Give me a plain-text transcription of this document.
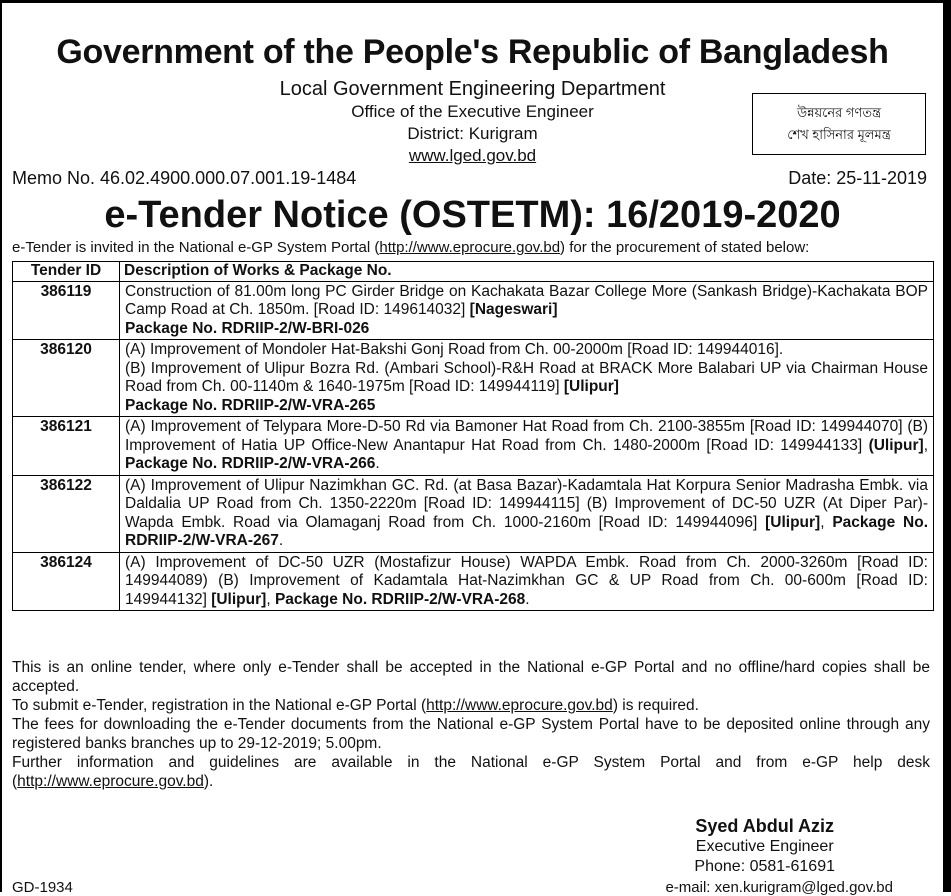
Government of the People's Republic of Bangladesh
Local Government Engineering Department
Office of the Executive Engineer
District: Kurigram
www.lged.gov.bd
উন্নয়নের গণতন্ত্র
শেখ হাসিনার মূলমন্ত্র
Memo No. 46.02.4900.000.07.001.19-1484	Date: 25-11-2019
e-Tender Notice (OSTETM): 16/2019-2020
e-Tender is invited in the National e-GP System Portal (http://www.eprocure.gov.bd) for the procurement of stated below:
Tender ID	Description of Works & Package No.
386119	Construction of 81.00m long PC Girder Bridge on Kachakata Bazar College More (Sankash Bridge)-Kachakata BOP Camp Road at Ch. 1850m. [Road ID: 149614032] [Nageswari]
Package No. RDRIIP-2/W-BRI-026
386120	(A) Improvement of Mondoler Hat-Bakshi Gonj Road from Ch. 00-2000m [Road ID: 149944016].
(B) Improvement of Ulipur Bozra Rd. (Ambari School)-R&H Road at BRACK More Balabari UP via Chairman House Road from Ch. 00-1140m & 1640-1975m [Road ID: 149944119] [Ulipur]
Package No. RDRIIP-2/W-VRA-265
386121	(A) Improvement of Telypara More-D-50 Rd via Bamoner Hat Road from Ch. 2100-3855m [Road ID: 149944070] (B) Improvement of Hatia UP Office-New Anantapur Hat Road from Ch. 1480-2000m [Road ID: 149944133] (Ulipur], Package No. RDRIIP-2/W-VRA-266.
386122	(A) Improvement of Ulipur Nazimkhan GC. Rd. (at Basa Bazar)-Kadamtala Hat Korpura Senior Madrasha Embk. via Daldalia UP Road from Ch. 1350-2220m [Road ID: 149944115] (B) Improvement of DC-50 UZR (At Diper Par)-Wapda Embk. Road via Olamaganj Road from Ch. 1000-2160m [Road ID: 149944096] [Ulipur], Package No. RDRIIP-2/W-VRA-267.
386124	(A) Improvement of DC-50 UZR (Mostafizur House) WAPDA Embk. Road from Ch. 2000-3260m [Road ID: 149944089) (B) Improvement of Kadamtala Hat-Nazimkhan GC & UP Road from Ch. 00-600m [Road ID: 149944132] [Ulipur], Package No. RDRIIP-2/W-VRA-268.

This is an online tender, where only e-Tender shall be accepted in the National e-GP Portal and no offline/hard copies shall be accepted.

To submit e-Tender, registration in the National e-GP Portal (http://www.eprocure.gov.bd) is required.

The fees for downloading the e-Tender documents from the National e-GP System Portal have to be deposited online through any registered banks branches up to 29-12-2019; 5.00pm.

Further information and guidelines are available in the National e-GP System Portal and from e-GP help desk (http://www.eprocure.gov.bd).

Syed Abdul Aziz
Executive Engineer
Phone: 0581-61691
GD-1934	e-mail: xen.kurigram@lged.gov.bd
